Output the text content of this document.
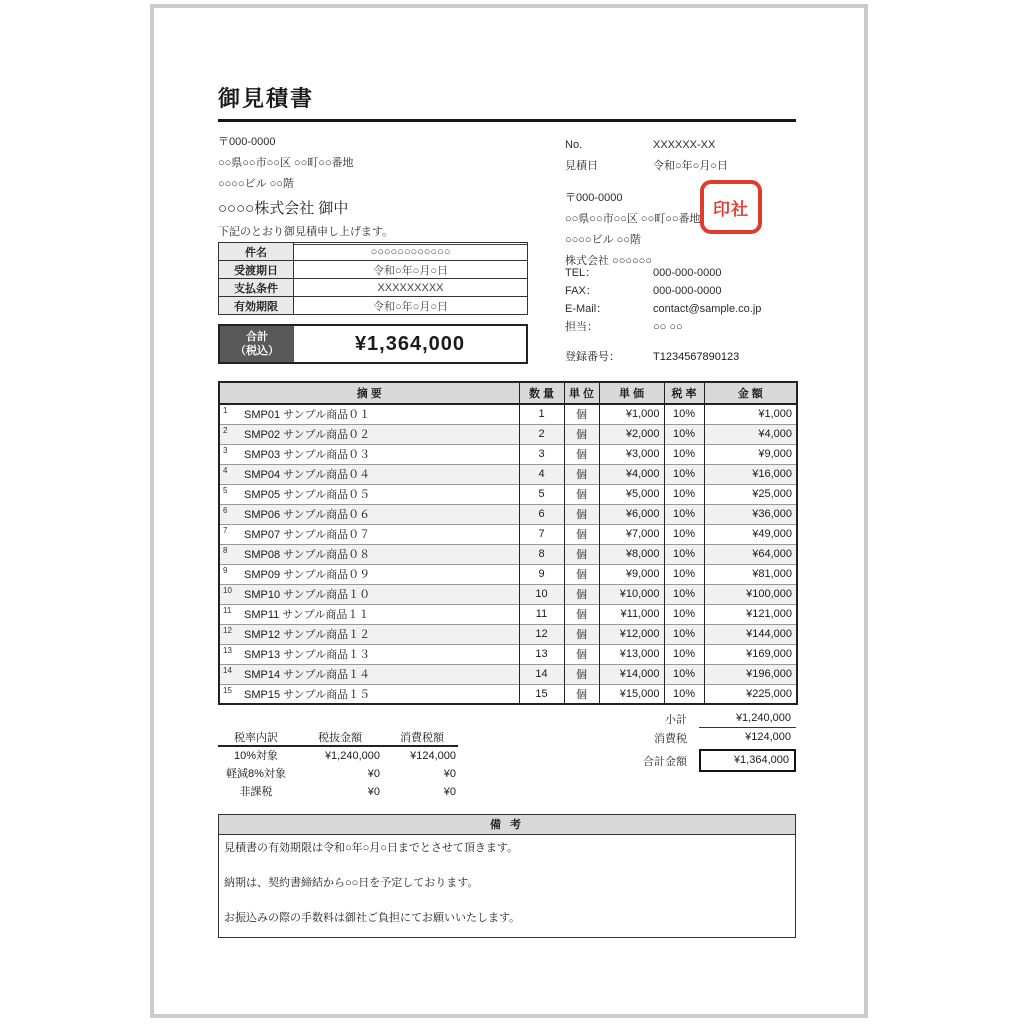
御見積書
〒000-0000
○○県○○市○○区 ○○町○○番地
○○○○ビル ○○階
○○○○株式会社 御中
下記のとおり御見積申し上げます。
No.	XXXXXX-XX
見積日	令和○年○月○日
〒000-0000
○○県○○市○○区 ○○町○○番地
○○○○ビル ○○階
株式会社 ○○○○○○
TEL：	000-000-0000
FAX：	000-000-0000
E-Mail：	contact@sample.co.jp
担当：	○○ ○○
登録番号：	T1234567890123
印社
件名	○○○○○○○○○○○○
受渡期日	令和○年○月○日
支払条件	XXXXXXXXX
有効期限	令和○年○月○日
合計
（税込）	¥1,364,000
摘 要	数 量	単 位	単 価	税 率	金 額

1 SMP01 サンプル商品０１	1	個	¥1,000	10%	¥1,000

2 SMP02 サンプル商品０２	2	個	¥2,000	10%	¥4,000

3 SMP03 サンプル商品０３	3	個	¥3,000	10%	¥9,000

4 SMP04 サンプル商品０４	4	個	¥4,000	10%	¥16,000

5 SMP05 サンプル商品０５	5	個	¥5,000	10%	¥25,000

6 SMP06 サンプル商品０６	6	個	¥6,000	10%	¥36,000

7 SMP07 サンプル商品０７	7	個	¥7,000	10%	¥49,000

8 SMP08 サンプル商品０８	8	個	¥8,000	10%	¥64,000

9 SMP09 サンプル商品０９	9	個	¥9,000	10%	¥81,000

10 SMP10 サンプル商品１０	10	個	¥10,000	10%	¥100,000

11 SMP11 サンプル商品１１	11	個	¥11,000	10%	¥121,000

12 SMP12 サンプル商品１２	12	個	¥12,000	10%	¥144,000

13 SMP13 サンプル商品１３	13	個	¥13,000	10%	¥169,000

14 SMP14 サンプル商品１４	14	個	¥14,000	10%	¥196,000

15 SMP15 サンプル商品１５	15	個	¥15,000	10%	¥225,000
小計	¥1,240,000
消費税	¥124,000
合計金額	¥1,364,000
税率内訳	税抜金額	消費税額
10%対象	¥1,240,000	¥124,000
軽減8%対象	¥0	¥0
非課税	¥0	¥0
備 考

見積書の有効期限は令和○年○月○日までとさせて頂きます。

納期は、契約書締結から○○日を予定しております。

お振込みの際の手数料は御社ご負担にてお願いいたします。
